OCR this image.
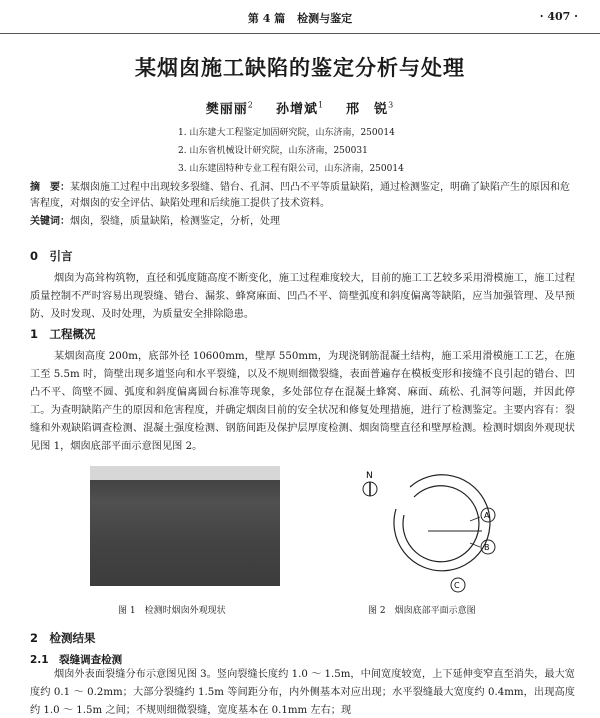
第 4 篇 检测与鉴定	· 407 ·
某烟囱施工缺陷的鉴定分析与处理
樊丽丽$^2$ 孙增斌$^1$ 邢　锐$^3$
1. 山东建大工程鉴定加固研究院，山东济南，250014
2. 山东省机械设计研究院，山东济南，250031
3. 山东建固特种专业工程有限公司，山东济南，250014
摘　要：某烟囱施工过程中出现较多裂缝、错台、孔洞、凹凸不平等质量缺陷，通过检测鉴定，明确了缺陷产生的原因和危害程度，对烟囱的安全评估、缺陷处理和后续施工提供了技术资料。
关键词：烟囱，裂缝，质量缺陷，检测鉴定，分析，处理
0　引言
烟囱为高耸构筑物，直径和弧度随高度不断变化，施工过程难度较大，目前的施工工艺较多采用滑模施工，施工过程质量控制不严时容易出现裂缝、错台、漏浆、蜂窝麻面、凹凸不平、筒壁弧度和斜度偏离等缺陷，应当加强管理、及早预防、及时发现、及时处理，为质量安全排除隐患。
1　工程概况
某烟囱高度 200m，底部外径 10600mm，壁厚 550mm，为现浇钢筋混凝土结构，施工采用滑模施工工艺，在施工至 5.5m 时，筒壁出现多道竖向和水平裂缝，以及不规则细微裂缝，表面普遍存在模板变形和接缝不良引起的错台、凹凸不平、筒壁不圆、弧度和斜度偏离圆台标准等现象，多处部位存在混凝土蜂窝、麻面、疏松、孔洞等问题，并因此停工。为查明缺陷产生的原因和危害程度，并确定烟囱目前的安全状况和修复处理措施，进行了检测鉴定。主要内容有：裂缝和外观缺陷调查检测、混凝土强度检测、钢筋间距及保护层厚度检测、烟囱筒壁直径和壁厚检测。检测时烟囱外观现状见图 1，烟囱底部平面示意图见图 2。
N
A
B
C
图 1　检测时烟囱外观现状	图 2　烟囱底部平面示意图
2　检测结果
2.1　裂缝调查检测
烟囱外表面裂缝分布示意图见图 3。竖向裂缝长度约 1.0 ～ 1.5m，中间宽度较宽，上下延伸变窄直至消失，最大宽度约 0.1 ～ 0.2mm；大部分裂缝约 1.5m 等间距分布，内外侧基本对应出现；水平裂缝最大宽度约 0.4mm，出现高度约 1.0 ～ 1.5m 之间；不规则细微裂缝，宽度基本在 0.1mm 左右；现
